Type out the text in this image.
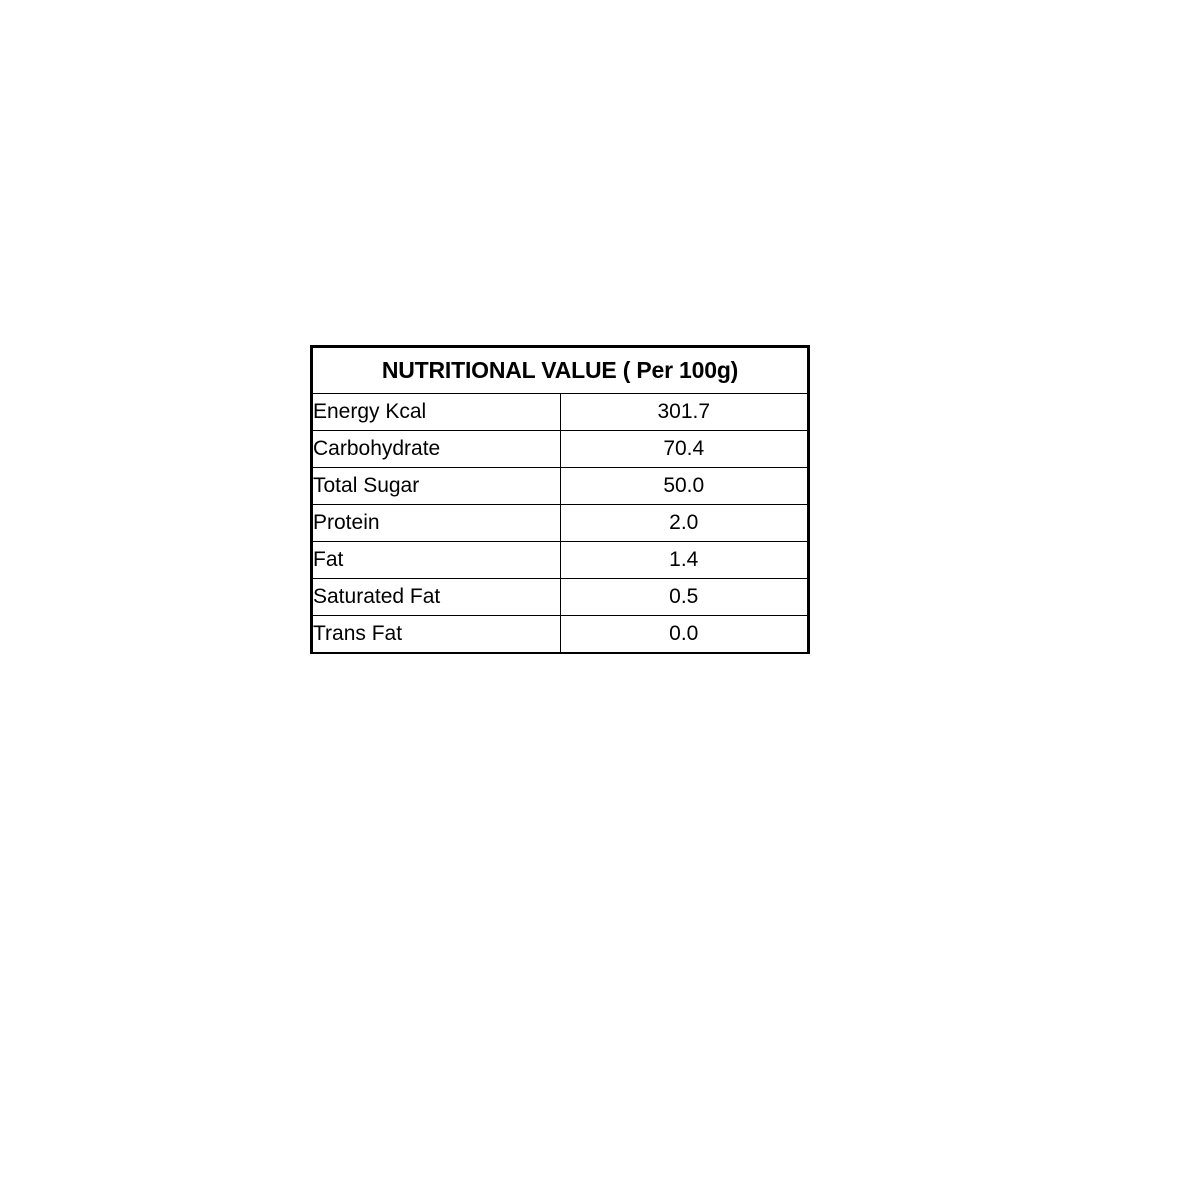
NUTRITIONAL VALUE ( Per 100g)	
Energy Kcal	301.7
Carbohydrate	70.4
Total Sugar	50.0
Protein	2.0
Fat	1.4
Saturated Fat	0.5
Trans Fat	0.0
